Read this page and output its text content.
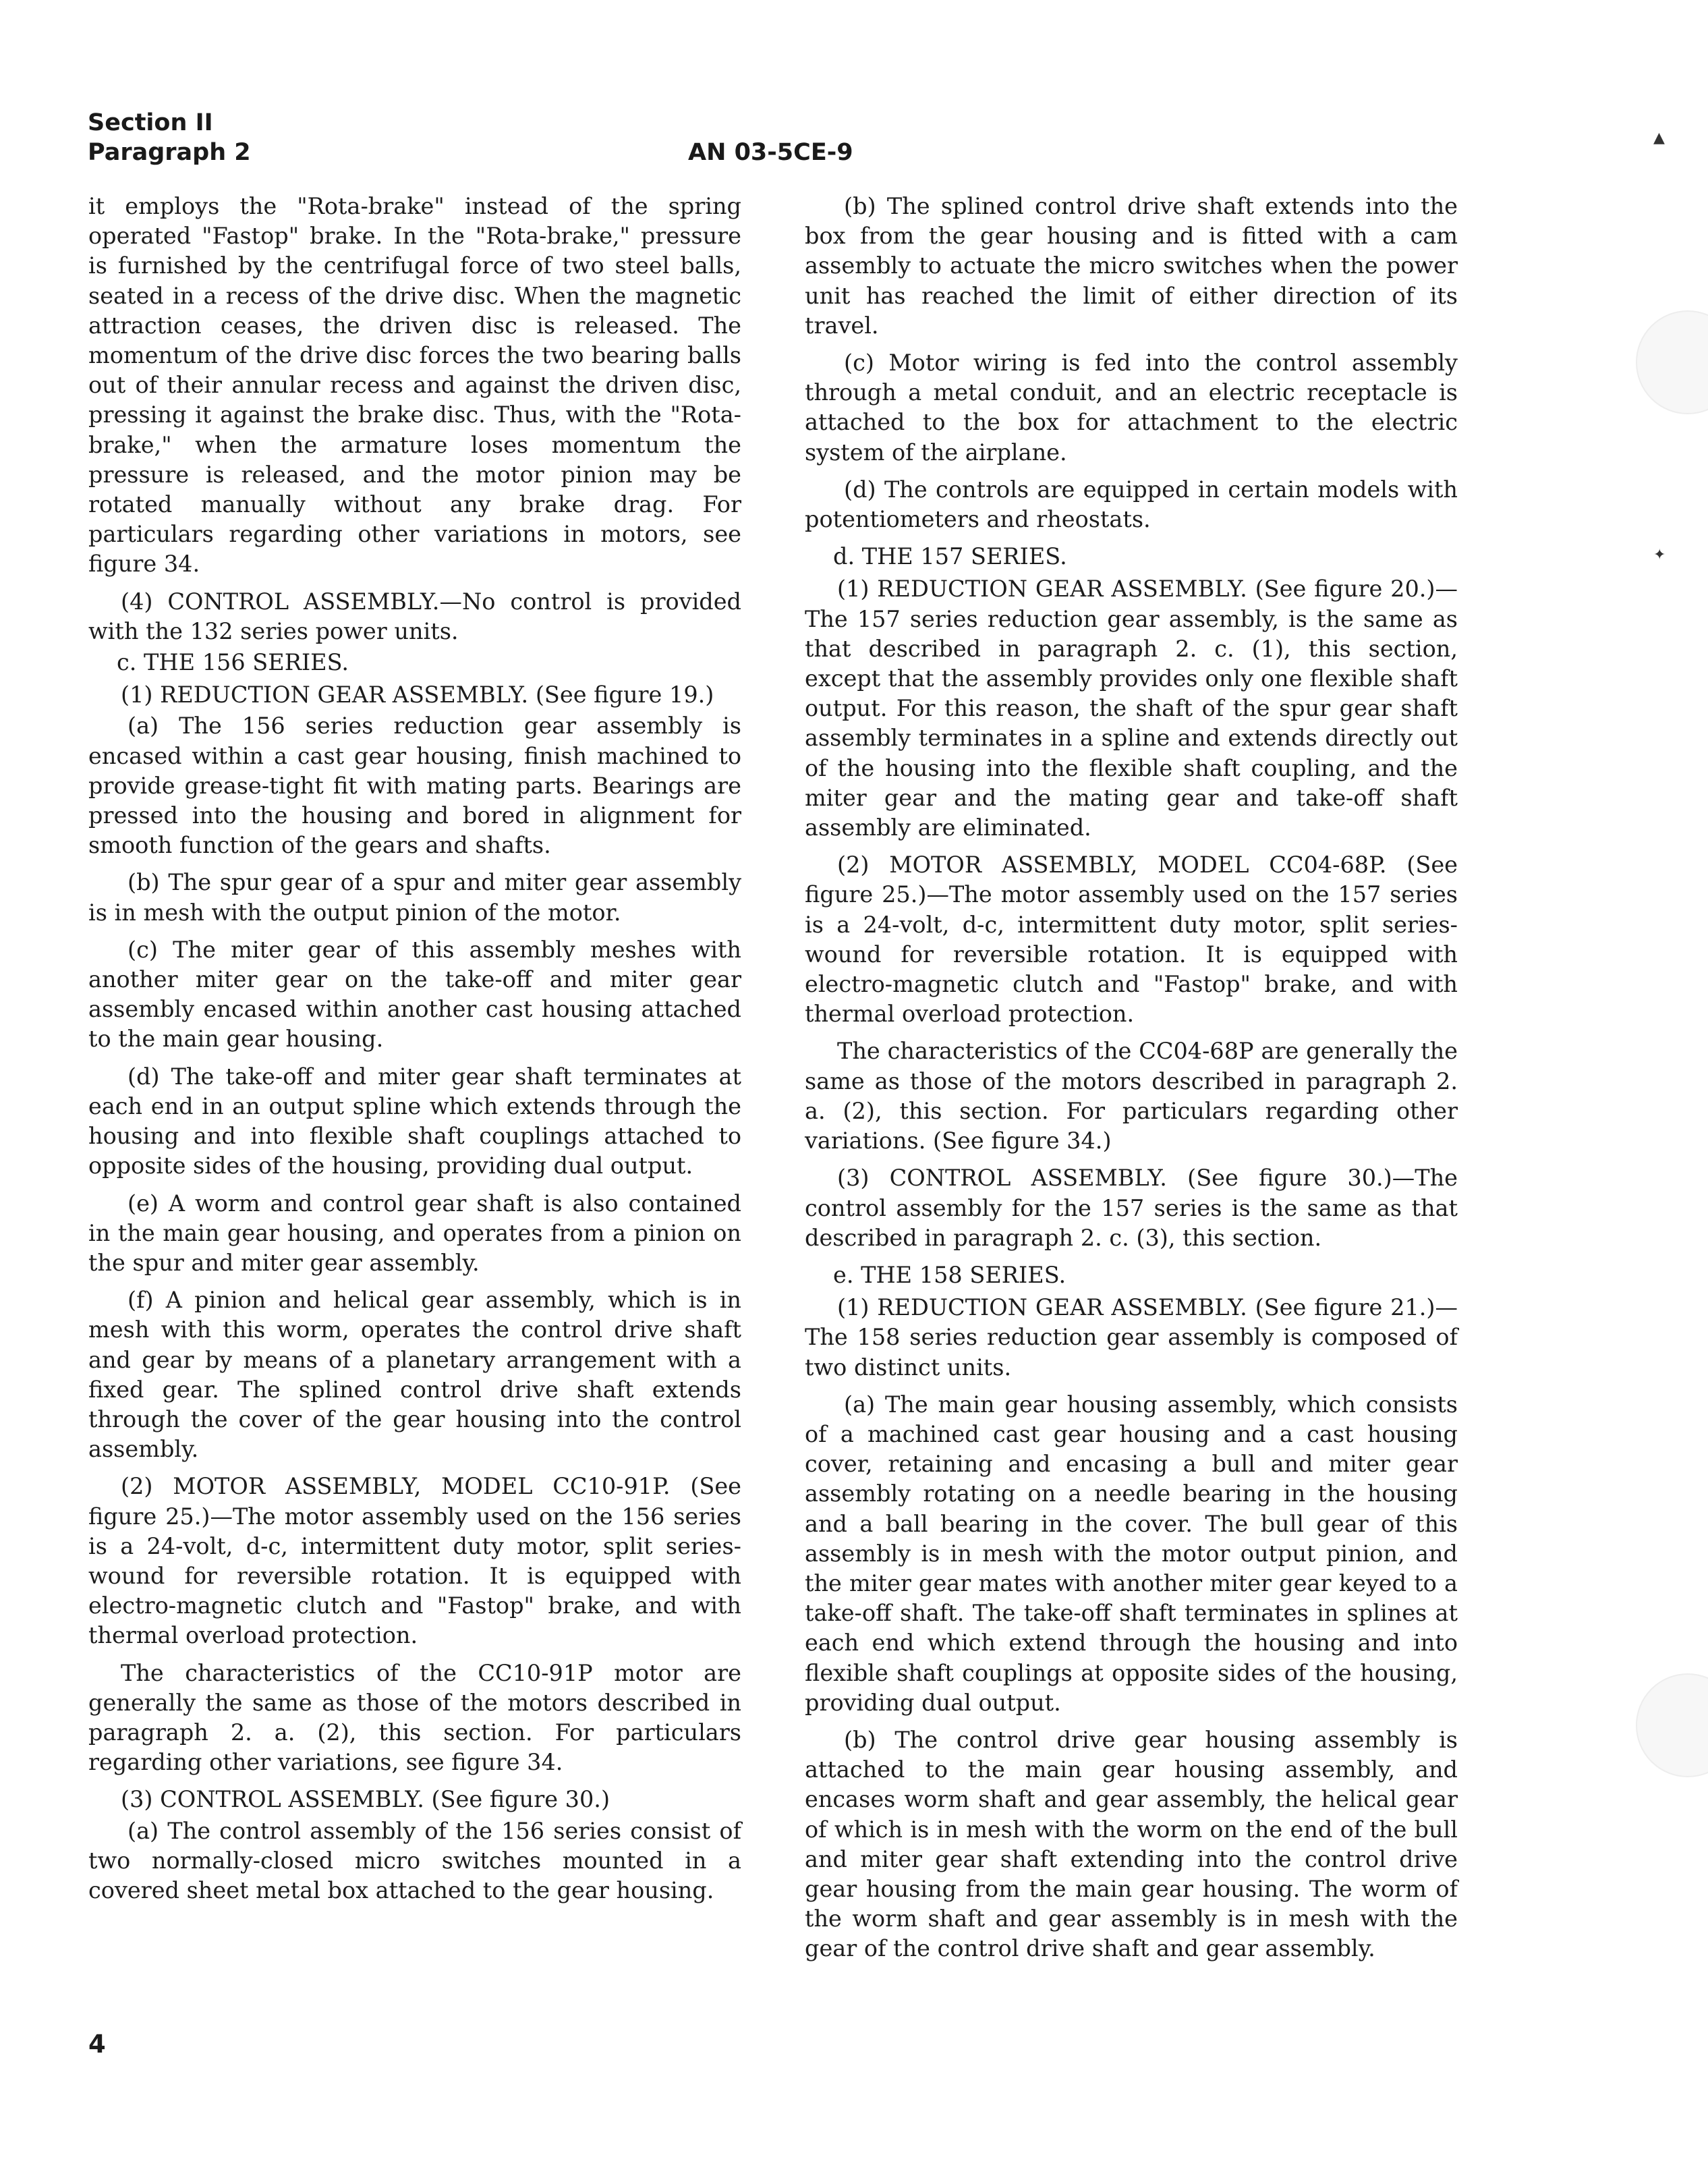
▲
✦
Section II
Paragraph 2	AN 03-5CE-9

it employs the "Rota-brake" instead of the spring operated "Fastop" brake. In the "Rota-brake," pressure is furnished by the centrifugal force of two steel balls, seated in a recess of the drive disc. When the magnetic attraction ceases, the driven disc is released. The momentum of the drive disc forces the two bearing balls out of their annular recess and against the driven disc, pressing it against the brake disc. Thus, with the "Rota-brake," when the armature loses momentum the pressure is released, and the motor pinion may be rotated manually without any brake drag. For particulars regarding other variations in motors, see figure 34.

(4) CONTROL ASSEMBLY.—No control is provided with the 132 series power units.

c. THE 156 SERIES.

(1) REDUCTION GEAR ASSEMBLY. (See figure 19.)

(a) The 156 series reduction gear assembly is encased within a cast gear housing, finish machined to provide grease-tight fit with mating parts. Bearings are pressed into the housing and bored in alignment for smooth function of the gears and shafts.

(b) The spur gear of a spur and miter gear assembly is in mesh with the output pinion of the motor.

(c) The miter gear of this assembly meshes with another miter gear on the take-off and miter gear assembly encased within another cast housing attached to the main gear housing.

(d) The take-off and miter gear shaft terminates at each end in an output spline which extends through the housing and into flexible shaft couplings attached to opposite sides of the housing, providing dual output.

(e) A worm and control gear shaft is also contained in the main gear housing, and operates from a pinion on the spur and miter gear assembly.

(f) A pinion and helical gear assembly, which is in mesh with this worm, operates the control drive shaft and gear by means of a planetary arrangement with a fixed gear. The splined control drive shaft extends through the cover of the gear housing into the control assembly.

(2) MOTOR ASSEMBLY, MODEL CC10-91P. (See figure 25.)—The motor assembly used on the 156 series is a 24-volt, d-c, intermittent duty motor, split series-wound for reversible rotation. It is equipped with electro-magnetic clutch and "Fastop" brake, and with thermal overload protection.

The characteristics of the CC10-91P motor are generally the same as those of the motors described in paragraph 2. a. (2), this section. For particulars regarding other variations, see figure 34.

(3) CONTROL ASSEMBLY. (See figure 30.)

(a) The control assembly of the 156 series consist of two normally-closed micro switches mounted in a covered sheet metal box attached to the gear housing.

(b) The splined control drive shaft extends into the box from the gear housing and is fitted with a cam assembly to actuate the micro switches when the power unit has reached the limit of either direction of its travel.

(c) Motor wiring is fed into the control assembly through a metal conduit, and an electric receptacle is attached to the box for attachment to the electric system of the airplane.

(d) The controls are equipped in certain models with potentiometers and rheostats.

d. THE 157 SERIES.

(1) REDUCTION GEAR ASSEMBLY. (See figure 20.)—The 157 series reduction gear assembly, is the same as that described in paragraph 2. c. (1), this section, except that the assembly provides only one flexible shaft output. For this reason, the shaft of the spur gear shaft assembly terminates in a spline and extends directly out of the housing into the flexible shaft coupling, and the miter gear and the mating gear and take-off shaft assembly are eliminated.

(2) MOTOR ASSEMBLY, MODEL CC04-68P. (See figure 25.)—The motor assembly used on the 157 series is a 24-volt, d-c, intermittent duty motor, split series-wound for reversible rotation. It is equipped with electro-magnetic clutch and "Fastop" brake, and with thermal overload protection.

The characteristics of the CC04-68P are generally the same as those of the motors described in paragraph 2. a. (2), this section. For particulars regarding other variations. (See figure 34.)

(3) CONTROL ASSEMBLY. (See figure 30.)—The control assembly for the 157 series is the same as that described in paragraph 2. c. (3), this section.

e. THE 158 SERIES.

(1) REDUCTION GEAR ASSEMBLY. (See figure 21.)—The 158 series reduction gear assembly is composed of two distinct units.

(a) The main gear housing assembly, which consists of a machined cast gear housing and a cast housing cover, retaining and encasing a bull and miter gear assembly rotating on a needle bearing in the housing and a ball bearing in the cover. The bull gear of this assembly is in mesh with the motor output pinion, and the miter gear mates with another miter gear keyed to a take-off shaft. The take-off shaft terminates in splines at each end which extend through the housing and into flexible shaft couplings at opposite sides of the housing, providing dual output.

(b) The control drive gear housing assembly is attached to the main gear housing assembly, and encases worm shaft and gear assembly, the helical gear of which is in mesh with the worm on the end of the bull and miter gear shaft extending into the control drive gear housing from the main gear housing. The worm of the worm shaft and gear assembly is in mesh with the gear of the control drive shaft and gear assembly.

4
